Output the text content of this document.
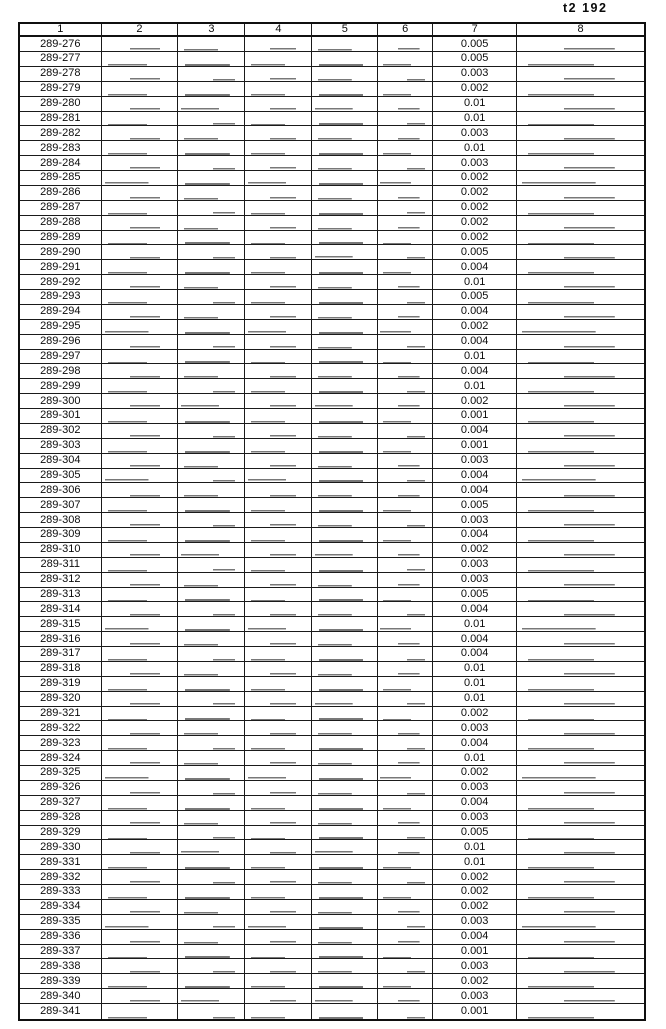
t2 192
1	2	3	4	5	6	7	8
289-276						0.005	
289-277						0.005	
289-278						0.003	
289-279						0.002	
289-280						0.01	
289-281						0.01	
289-282						0.003	
289-283						0.01	
289-284						0.003	
289-285						0.002	
289-286						0.002	
289-287						0.002	
289-288						0.002	
289-289						0.002	
289-290						0.005	
289-291						0.004	
289-292						0.01	
289-293						0.005	
289-294						0.004	
289-295						0.002	
289-296						0.004	
289-297						0.01	
289-298						0.004	
289-299						0.01	
289-300						0.002	
289-301						0.001	
289-302						0.004	
289-303						0.001	
289-304						0.003	
289-305						0.004	
289-306						0.004	
289-307						0.005	
289-308						0.003	
289-309						0.004	
289-310						0.002	
289-311						0.003	
289-312						0.003	
289-313						0.005	
289-314						0.004	
289-315						0.01	
289-316						0.004	
289-317						0.004	
289-318						0.01	
289-319						0.01	
289-320						0.01	
289-321						0.002	
289-322						0.003	
289-323						0.004	
289-324						0.01	
289-325						0.002	
289-326						0.003	
289-327						0.004	
289-328						0.003	
289-329						0.005	
289-330						0.01	
289-331						0.01	
289-332						0.002	
289-333						0.002	
289-334						0.002	
289-335						0.003	
289-336						0.004	
289-337						0.001	
289-338						0.003	
289-339						0.002	
289-340						0.003	
289-341						0.001	
